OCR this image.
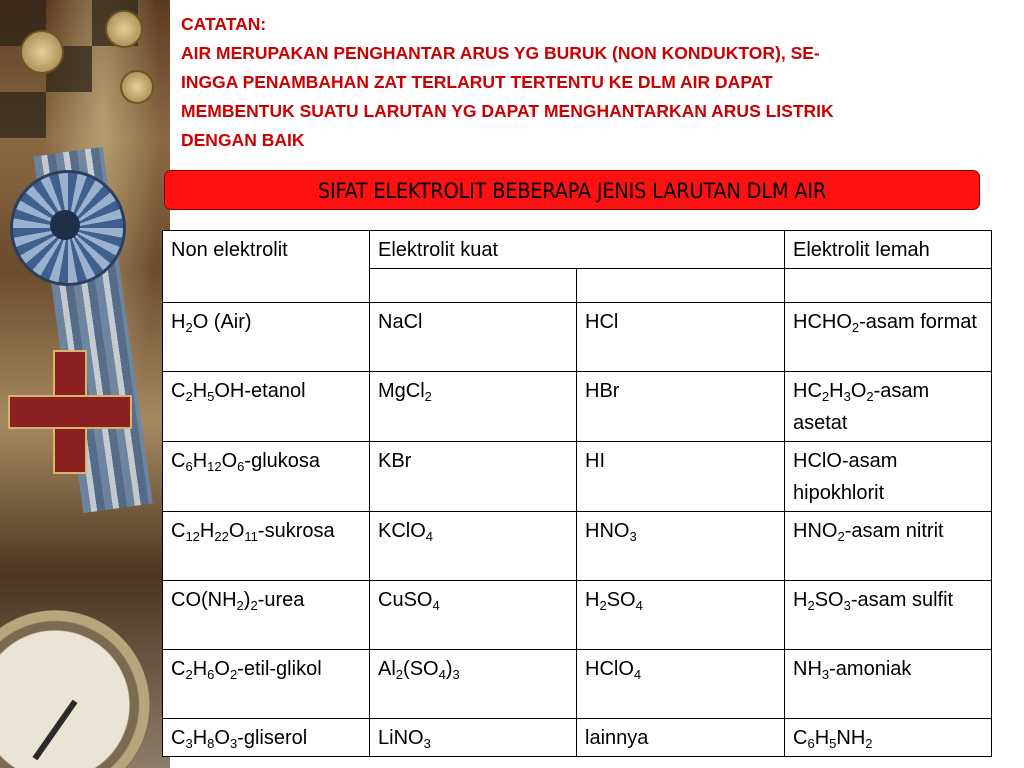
CATATAN:
AIR MERUPAKAN PENGHANTAR ARUS YG BURUK (NON KONDUKTOR), SE-
INGGA PENAMBAHAN ZAT TERLARUT TERTENTU KE DLM AIR DAPAT
MEMBENTUK SUATU LARUTAN YG DAPAT MENGHANTARKAN ARUS LISTRIK
DENGAN BAIK
SIFAT ELEKTROLIT BEBERAPA JENIS LARUTAN DLM AIR
Non elektrolit	Elektrolit kuat		Elektrolit lemah

$H_2O$ (Air)	NaCl	HCl	$HCHO_2$-asam format
$C_2H_5OH$-etanol	MgCl$_2$	HBr	$HC_2H_3O_2$-asam asetat
$C_6H_{12}O_6$-glukosa	KBr	HI	HClO-asam hipokhlorit
$C_{12}H_{22}O_{11}$-sukrosa	KClO$_4$	$HNO_3$	$HNO_2$-asam nitrit
$CO(NH_2)_2$-urea	CuSO$_4$	$H_2SO_4$	$H_2SO_3$-asam sulfit
$C_2H_6O_2-etil$-glikol	$Al_2(SO_4)_3$	HClO$_4$	$NH_3$-amoniak
$C_3H_8O_3$-gliserol	LiNO$_3$	lainnya	$C_6H_5NH_2$
